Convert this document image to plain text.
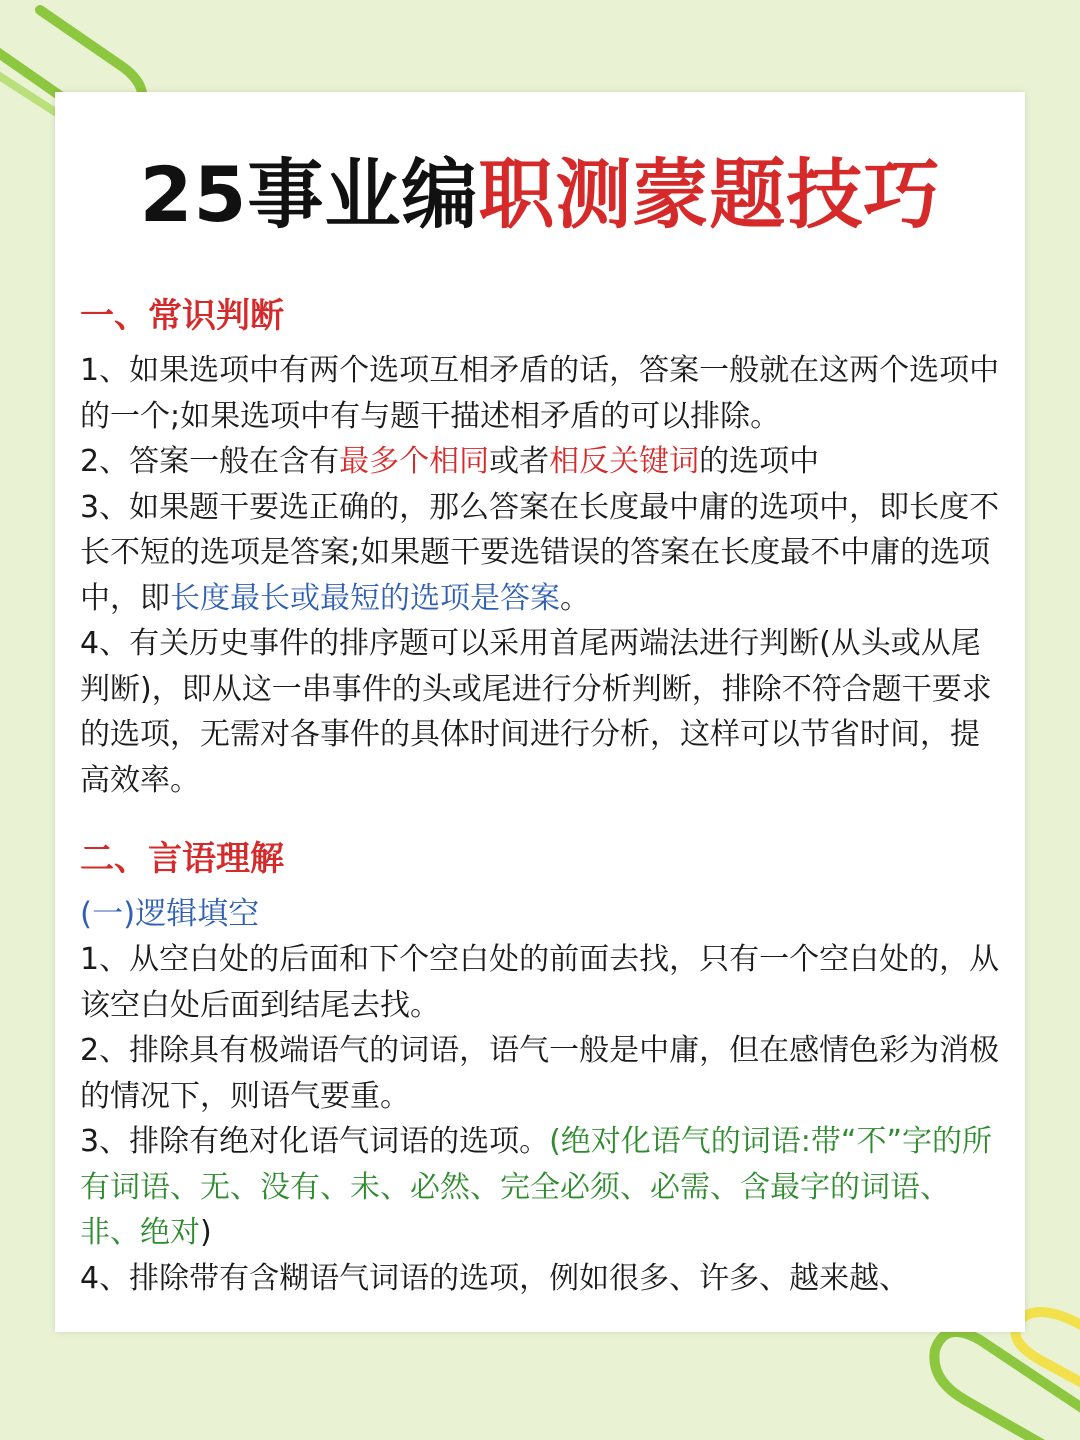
25事业编职测蒙题技巧

一、常识判断

1、如果选项中有两个选项互相矛盾的话，答案一般就在这两个选项中的一个;如果选项中有与题干描述相矛盾的可以排除。

2、答案一般在含有最多个相同或者相反关键词的选项中

3、如果题干要选正确的，那么答案在长度最中庸的选项中，即长度不长不短的选项是答案;如果题干要选错误的答案在长度最不中庸的选项中，即长度最长或最短的选项是答案。

4、有关历史事件的排序题可以采用首尾两端法进行判断(从头或从尾判断)，即从这一串事件的头或尾进行分析判断，排除不符合题干要求的选项，无需对各事件的具体时间进行分析，这样可以节省时间，提高效率。

二、言语理解

(一)逻辑填空

1、从空白处的后面和下个空白处的前面去找，只有一个空白处的，从该空白处后面到结尾去找。

2、排除具有极端语气的词语，语气一般是中庸，但在感情色彩为消极的情况下，则语气要重。

3、排除有绝对化语气词语的选项。(绝对化语气的词语:带“不”字的所有词语、无、没有、未、必然、完全必须、必需、含最字的词语、非、绝对)

4、排除带有含糊语气词语的选项，例如很多、许多、越来越、
